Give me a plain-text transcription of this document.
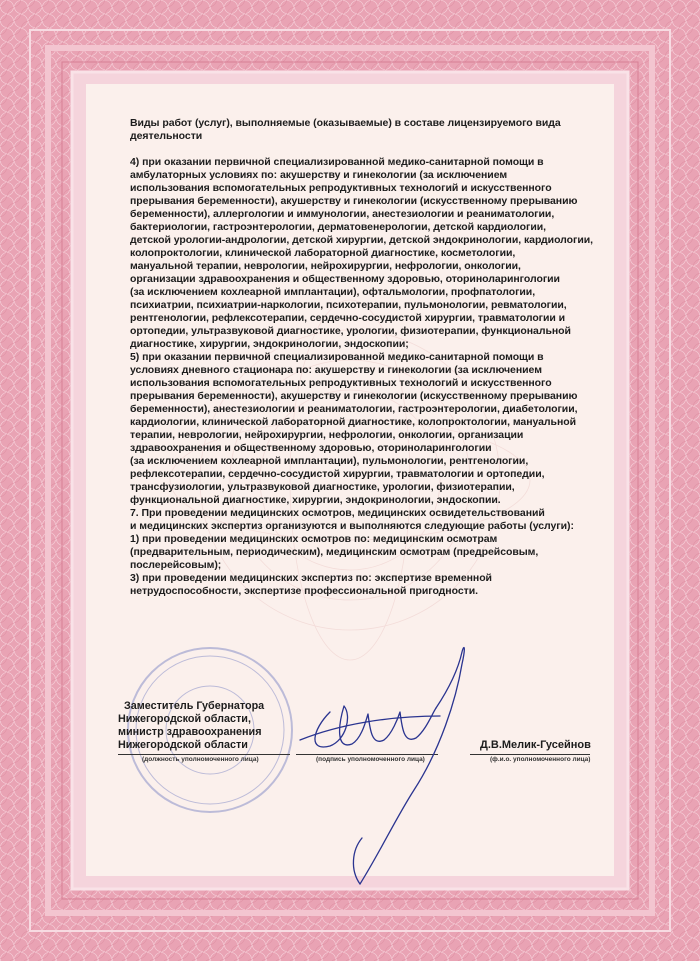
Виды работ (услуг), выполняемые (оказываемые) в составе лицензируемого вида

деятельности

4) при оказании первичной специализированной медико-санитарной помощи в

амбулаторных условиях по: акушерству и гинекологии (за исключением

использования вспомогательных репродуктивных технологий и искусственного

прерывания беременности), акушерству и гинекологии (искусственному прерыванию

беременности), аллергологии и иммунологии, анестезиологии и реаниматологии,

бактериологии, гастроэнтерологии, дерматовенерологии, детской кардиологии,

детской урологии-андрологии, детской хирургии, детской эндокринологии, кардиологии,

колопроктологии, клинической лабораторной диагностике, косметологии,

мануальной терапии, неврологии, нейрохирургии, нефрологии, онкологии,

организации здравоохранения и общественному здоровью, оториноларингологии

(за исключением кохлеарной имплантации), офтальмологии, профпатологии,

психиатрии, психиатрии-наркологии, психотерапии, пульмонологии, ревматологии,

рентгенологии, рефлексотерапии, сердечно-сосудистой хирургии, травматологии и

ортопедии, ультразвуковой диагностике, урологии, физиотерапии, функциональной

диагностике, хирургии, эндокринологии, эндоскопии;

5) при оказании первичной специализированной медико-санитарной помощи в

условиях дневного стационара по: акушерству и гинекологии (за исключением

использования вспомогательных репродуктивных технологий и искусственного

прерывания беременности), акушерству и гинекологии (искусственному прерыванию

беременности), анестезиологии и реаниматологии, гастроэнтерологии, диабетологии,

кардиологии, клинической лабораторной диагностике, колопроктологии, мануальной

терапии, неврологии, нейрохирургии, нефрологии, онкологии, организации

здравоохранения и общественному здоровью, оториноларингологии

(за исключением кохлеарной имплантации), пульмонологии, рентгенологии,

рефлексотерапии, сердечно-сосудистой хирургии, травматологии и ортопедии,

трансфузиологии, ультразвуковой диагностике, урологии, физиотерапии,

функциональной диагностике, хирургии, эндокринологии, эндоскопии.

7. При проведении медицинских осмотров, медицинских освидетельствований

и медицинских экспертиз организуются и выполняются следующие работы (услуги):

1) при проведении медицинских осмотров по: медицинским осмотрам

(предварительным, периодическим), медицинским осмотрам (предрейсовым,

послерейсовым);

3) при проведении медицинских экспертиз по: экспертизе временной

нетрудоспособности, экспертизе профессиональной пригодности.

Заместитель Губернатора
Нижегородской области,
министр здравоохранения
Нижегородской области
(должность уполномоченного лица)	(подпись уполномоченного лица)
Д.В.Мелик-Гусейнов
(ф.и.о. уполномоченного лица)
